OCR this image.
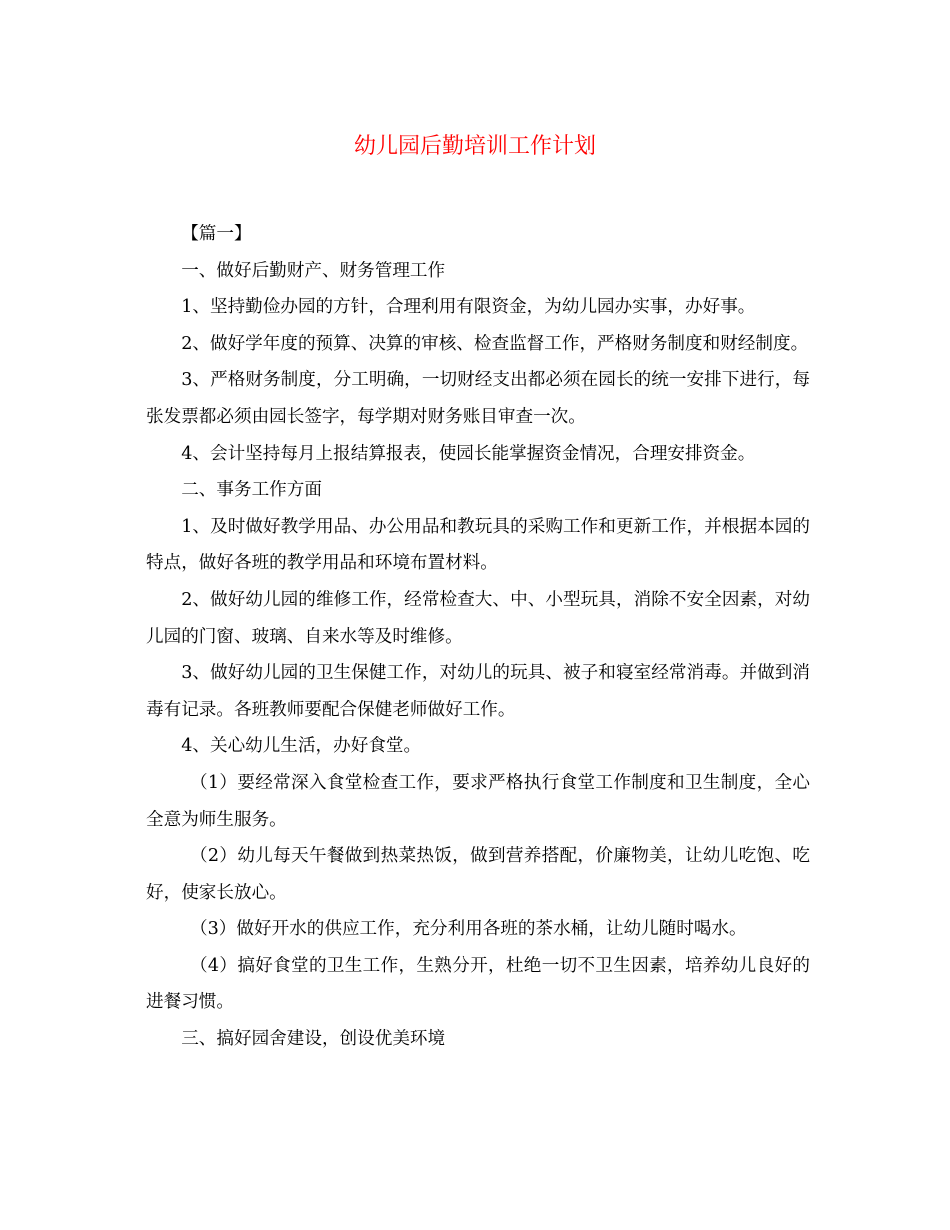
幼儿园后勤培训工作计划

【篇一】

一、做好后勤财产、财务管理工作

1、坚持勤俭办园的方针，合理利用有限资金，为幼儿园办实事，办好事。

2、做好学年度的预算、决算的审核、检查监督工作，严格财务制度和财经制度。

3、严格财务制度，分工明确，一切财经支出都必须在园长的统一安排下进行，每张发票都必须由园长签字，每学期对财务账目审查一次。

4、会计坚持每月上报结算报表，使园长能掌握资金情况，合理安排资金。

二、事务工作方面

1、及时做好教学用品、办公用品和教玩具的采购工作和更新工作，并根据本园的特点，做好各班的教学用品和环境布置材料。

2、做好幼儿园的维修工作，经常检查大、中、小型玩具，消除不安全因素，对幼儿园的门窗、玻璃、自来水等及时维修。

3、做好幼儿园的卫生保健工作，对幼儿的玩具、被子和寝室经常消毒。并做到消毒有记录。各班教师要配合保健老师做好工作。

4、关心幼儿生活，办好食堂。

（1）要经常深入食堂检查工作，要求严格执行食堂工作制度和卫生制度，全心全意为师生服务。

（2）幼儿每天午餐做到热菜热饭，做到营养搭配，价廉物美，让幼儿吃饱、吃好，使家长放心。

（3）做好开水的供应工作，充分利用各班的茶水桶，让幼儿随时喝水。

（4）搞好食堂的卫生工作，生熟分开，杜绝一切不卫生因素，培养幼儿良好的进餐习惯。

三、搞好园舍建设，创设优美环境
